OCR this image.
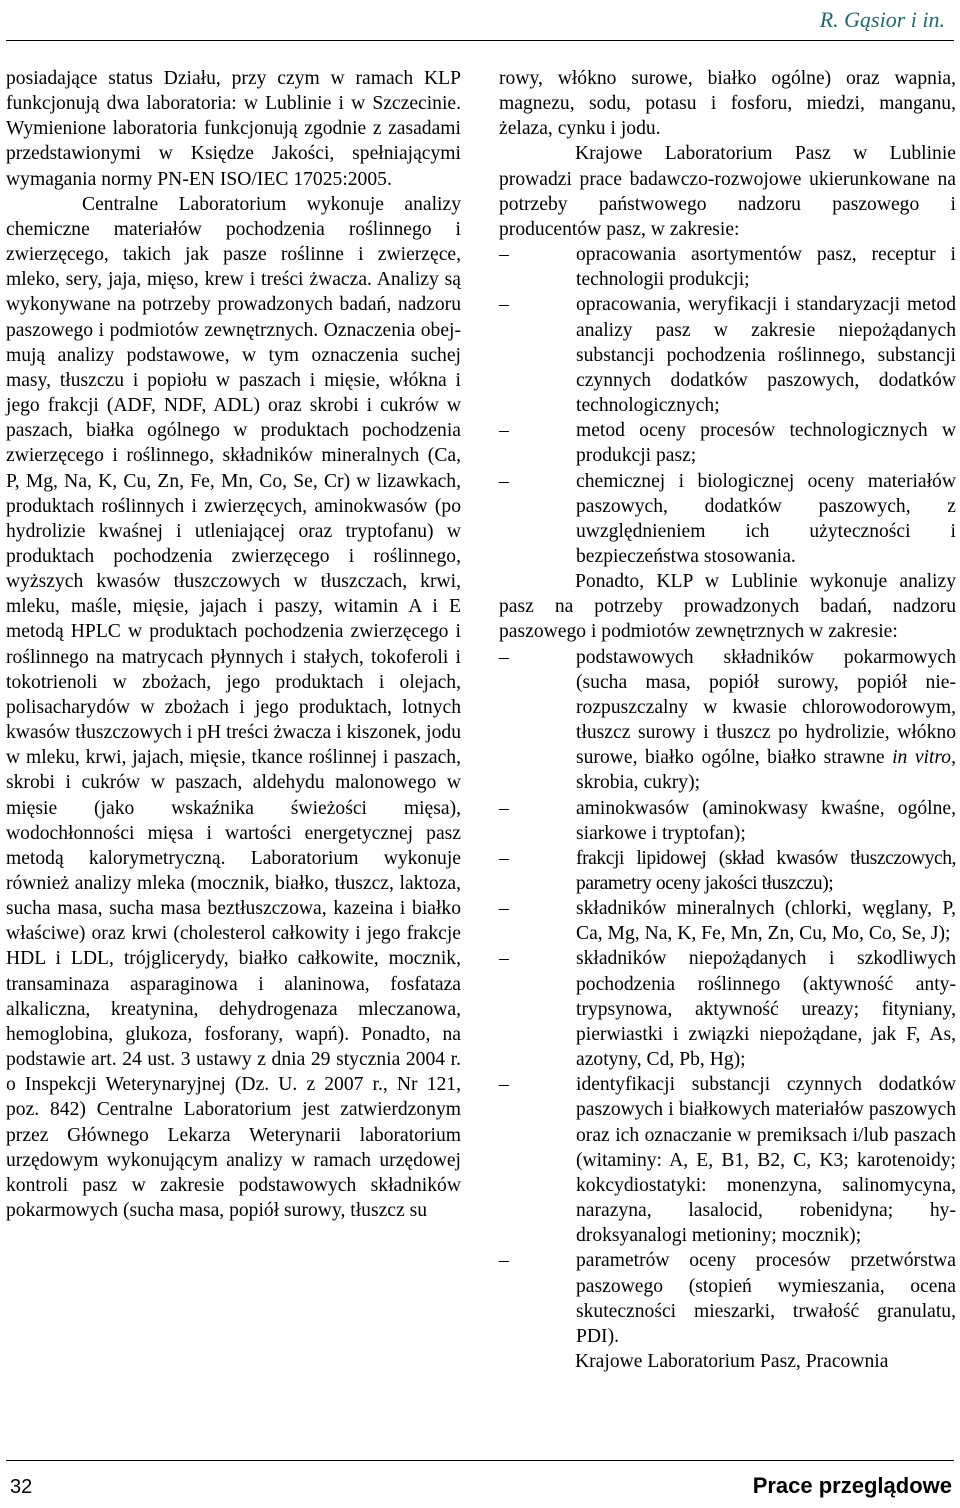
R. Gąsior i in.

posiadające status Działu, przy czym w ramach KLP funkcjonują dwa laboratoria: w Lublinie i w Szczecinie. Wymienione laboratoria funkcjonują zgodnie z zasadami przedstawionymi w Księdze Jakości, spełniającymi wymagania normy PN-EN ISO/IEC 17025:2005.

Centralne Laboratorium wykonuje analizy chemiczne materiałów pochodzenia roślinnego i zwierzęcego, takich jak pasze roślinne i zwierzęce, mleko, sery, jaja, mięso, krew i treści żwacza. Analizy są wykonywane na potrzeby prowadzonych badań, nadzoru paszowego i podmiotów zewnętrznych. Oznaczenia obejmują analizy podstawowe, w tym oznaczenia suchej masy, tłuszczu i popiołu w paszach i mięsie, włókna i jego frakcji (ADF, NDF, ADL) oraz skrobi i cukrów w paszach, białka ogólnego w produktach pochodzenia zwierzęcego i roślinnego, składników mineralnych (Ca, P, Mg, Na, K, Cu, Zn, Fe, Mn, Co, Se, Cr) w lizawkach, produktach roślinnych i zwierzęcych, aminokwasów (po hydrolizie kwaśnej i utleniającej oraz tryptofanu) w produktach pochodzenia zwierzęcego i roślinnego, wyższych kwasów tłuszczowych w tłuszczach, krwi, mleku, maśle, mięsie, jajach i paszy, witamin A i E metodą HPLC w produktach pochodzenia zwierzęcego i roślinnego na matrycach płynnych i stałych, tokoferoli i tokotrienoli w zbożach, jego produktach i olejach, polisacharydów w zbożach i jego produktach, lotnych kwasów tłuszczowych i pH treści żwacza i kiszonek, jodu w mleku, krwi, jajach, mięsie, tkance roślinnej i paszach, skrobi i cukrów w paszach, aldehydu malonowego w mięsie (jako wskaźnika świeżości mięsa), wodochłonności mięsa i wartości energetycznej pasz metodą kalorymetryczną. Laboratorium wykonuje również analizy mleka (mocznik, białko, tłuszcz, laktoza, sucha masa, sucha masa beztłuszczowa, kazeina i białko właściwe) oraz krwi (cholesterol całkowity i jego frakcje HDL i LDL, trójglicerydy, białko całkowite, mocznik, transaminaza asparaginowa i alaninowa, fosfataza alkaliczna, kreatynina, dehydrogenaza mleczanowa, hemoglobina, glukoza, fosforany, wapń). Ponadto, na podstawie art. 24 ust. 3 ustawy z dnia 29 stycznia 2004 r. o Inspekcji Weterynaryjnej (Dz. U. z 2007 r., Nr 121, poz. 842) Centralne Laboratorium jest zatwierdzonym przez Głównego Lekarza Weterynarii laboratorium urzędowym wykonującym analizy w ramach urzędowej kontroli pasz w zakresie podstawowych składników pokarmowych (sucha masa, popiół surowy, tłuszcz su

rowy, włókno surowe, białko ogólne) oraz wapnia, magnezu, sodu, potasu i fosforu, miedzi, manganu, żelaza, cynku i jodu.

Krajowe Laboratorium Pasz w Lublinie prowadzi prace badawczo-rozwojowe ukierunkowane na potrzeby państwowego nadzoru paszowego i producentów pasz, w zakresie:

– opracowania asortymentów pasz, receptur i technologii produkcji;
– opracowania, weryfikacji i standaryzacji metod analizy pasz w zakresie niepożądanych substancji pochodzenia roślinnego, substancji czynnych dodatków paszowych, dodatków technologicznych;
– metod oceny procesów technologicznych w produkcji pasz;
– chemicznej i biologicznej oceny materiałów paszowych, dodatków paszowych, z uwzględnieniem ich użyteczności i bezpieczeństwa stosowania.

Ponadto, KLP w Lublinie wykonuje analizy pasz na potrzeby prowadzonych badań, nadzoru paszowego i podmiotów zewnętrznych w zakresie:

– podstawowych składników pokarmowych (sucha masa, popiół surowy, popiół nierozpuszczalny w kwasie chlorowodorowym, tłuszcz surowy i tłuszcz po hydrolizie, włókno surowe, białko ogólne, białko strawne in vitro, skrobia, cukry);
– aminokwasów (aminokwasy kwaśne, ogólne, siarkowe i tryptofan);
– frakcji lipidowej (skład kwasów tłuszczowych, parametry oceny jakości tłuszczu);
– składników mineralnych (chlorki, węglany, P, Ca, Mg, Na, K, Fe, Mn, Zn, Cu, Mo, Co, Se, J);
– składników niepożądanych i szkodliwych pochodzenia roślinnego (aktywność antytrypsynowa, aktywność ureazy; fityniany, pierwiastki i związki niepożądane, jak F, As, azotyny, Cd, Pb, Hg);
– identyfikacji substancji czynnych dodatków paszowych i białkowych materiałów paszowych oraz ich oznaczanie w premiksach i/lub paszach (witaminy: A, E, B1, B2, C, K3; karotenoidy; kokcydiostatyki: monenzyna, salinomycyna, narazyna, lasalocid, robenidyna; hydroksyanalogi metioniny; mocznik);
– parametrów oceny procesów przetwórstwa paszowego (stopień wymieszania, ocena skuteczności mieszarki, trwałość granulatu, PDI).

Krajowe Laboratorium Pasz, Pracownia

32	Prace przeglądowe
